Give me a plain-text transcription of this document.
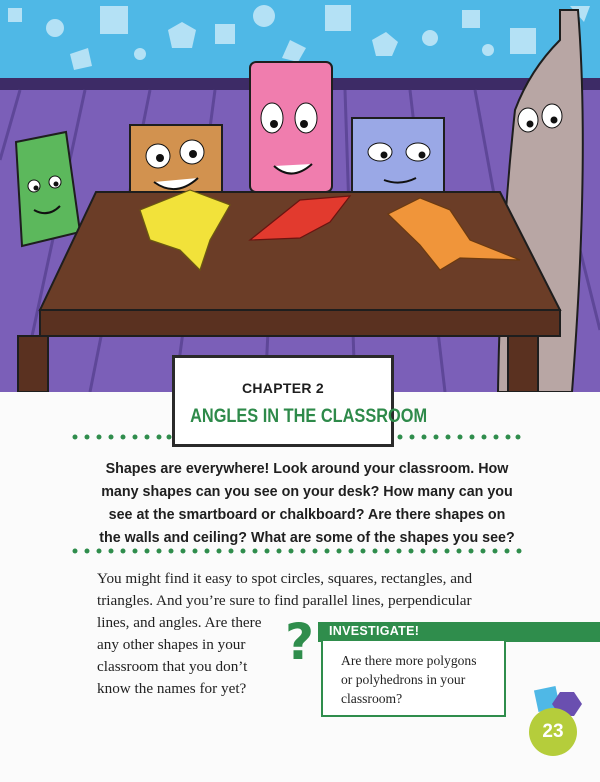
CHAPTER 2
ANGLES IN THE CLASSROOM
Shapes are everywhere! Look around your classroom. How many shapes can you see on your desk? How many can you see at the smartboard or chalkboard? Are there shapes on the walls and ceiling? What are some of the shapes you see?
You might find it easy to spot circles, squares, rectangles, and
triangles. And you’re sure to find parallel lines, perpendicular
lines, and angles. Are there
any other shapes in your
classroom that you don’t
know the names for yet?
? INVESTIGATE!
Are there more polygons
or polyhedrons in your
classroom?
23
